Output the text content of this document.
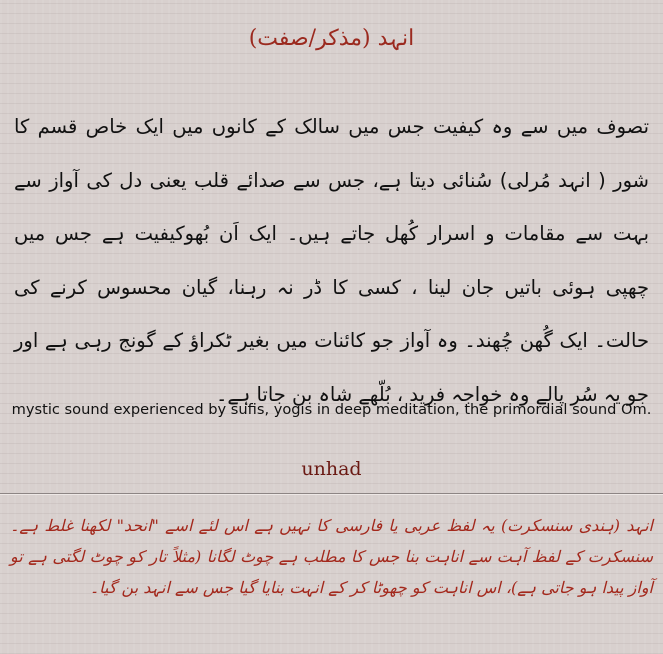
انہد (مذکر/صفت)
تصوف میں سے وہ کیفیت جس میں سالک کے کانوں میں ایک خاص قسم کا شور ( انہد مُرلی) سُنائی دیتا ہے، جس سے صدائے قلب یعنی دل کی آواز سے بہت سے مقامات و اسرار کُھل جاتے ہیں۔ ایک اَن بُھوکیفیت ہے جس میں چھپی ہوئی باتیں جان لینا ، کسی کا ڈر نہ رہنا، گیان محسوس کرنے کی حالت۔ ایک گُھن چُھند۔ وہ آواز جو کائنات میں بغیر ٹکراؤ کے گونج رہی ہے اور جو یہ سُر پالے وہ خواجہ فرید ، بُلّھے شاہ بن جاتا ہے۔
mystic sound experienced by sufis, yogis in deep meditation, the primordial sound Om.
unhad
انہد (ہندی سنسکرت) یہ لفظ عربی یا فارسی کا نہیں ہے اس لئے اسے "انحد" لکھنا غلط ہے۔ سنسکرت کے لفظ آہت سے اناہت بنا جس کا مطلب ہے چوٹ لگانا (مثلاً تار کو چوٹ لگتی ہے تو آواز پیدا ہو جاتی ہے)، اس اناہت کو چھوٹا کر کے انہت بنایا گیا جس سے انہد بن گیا۔
